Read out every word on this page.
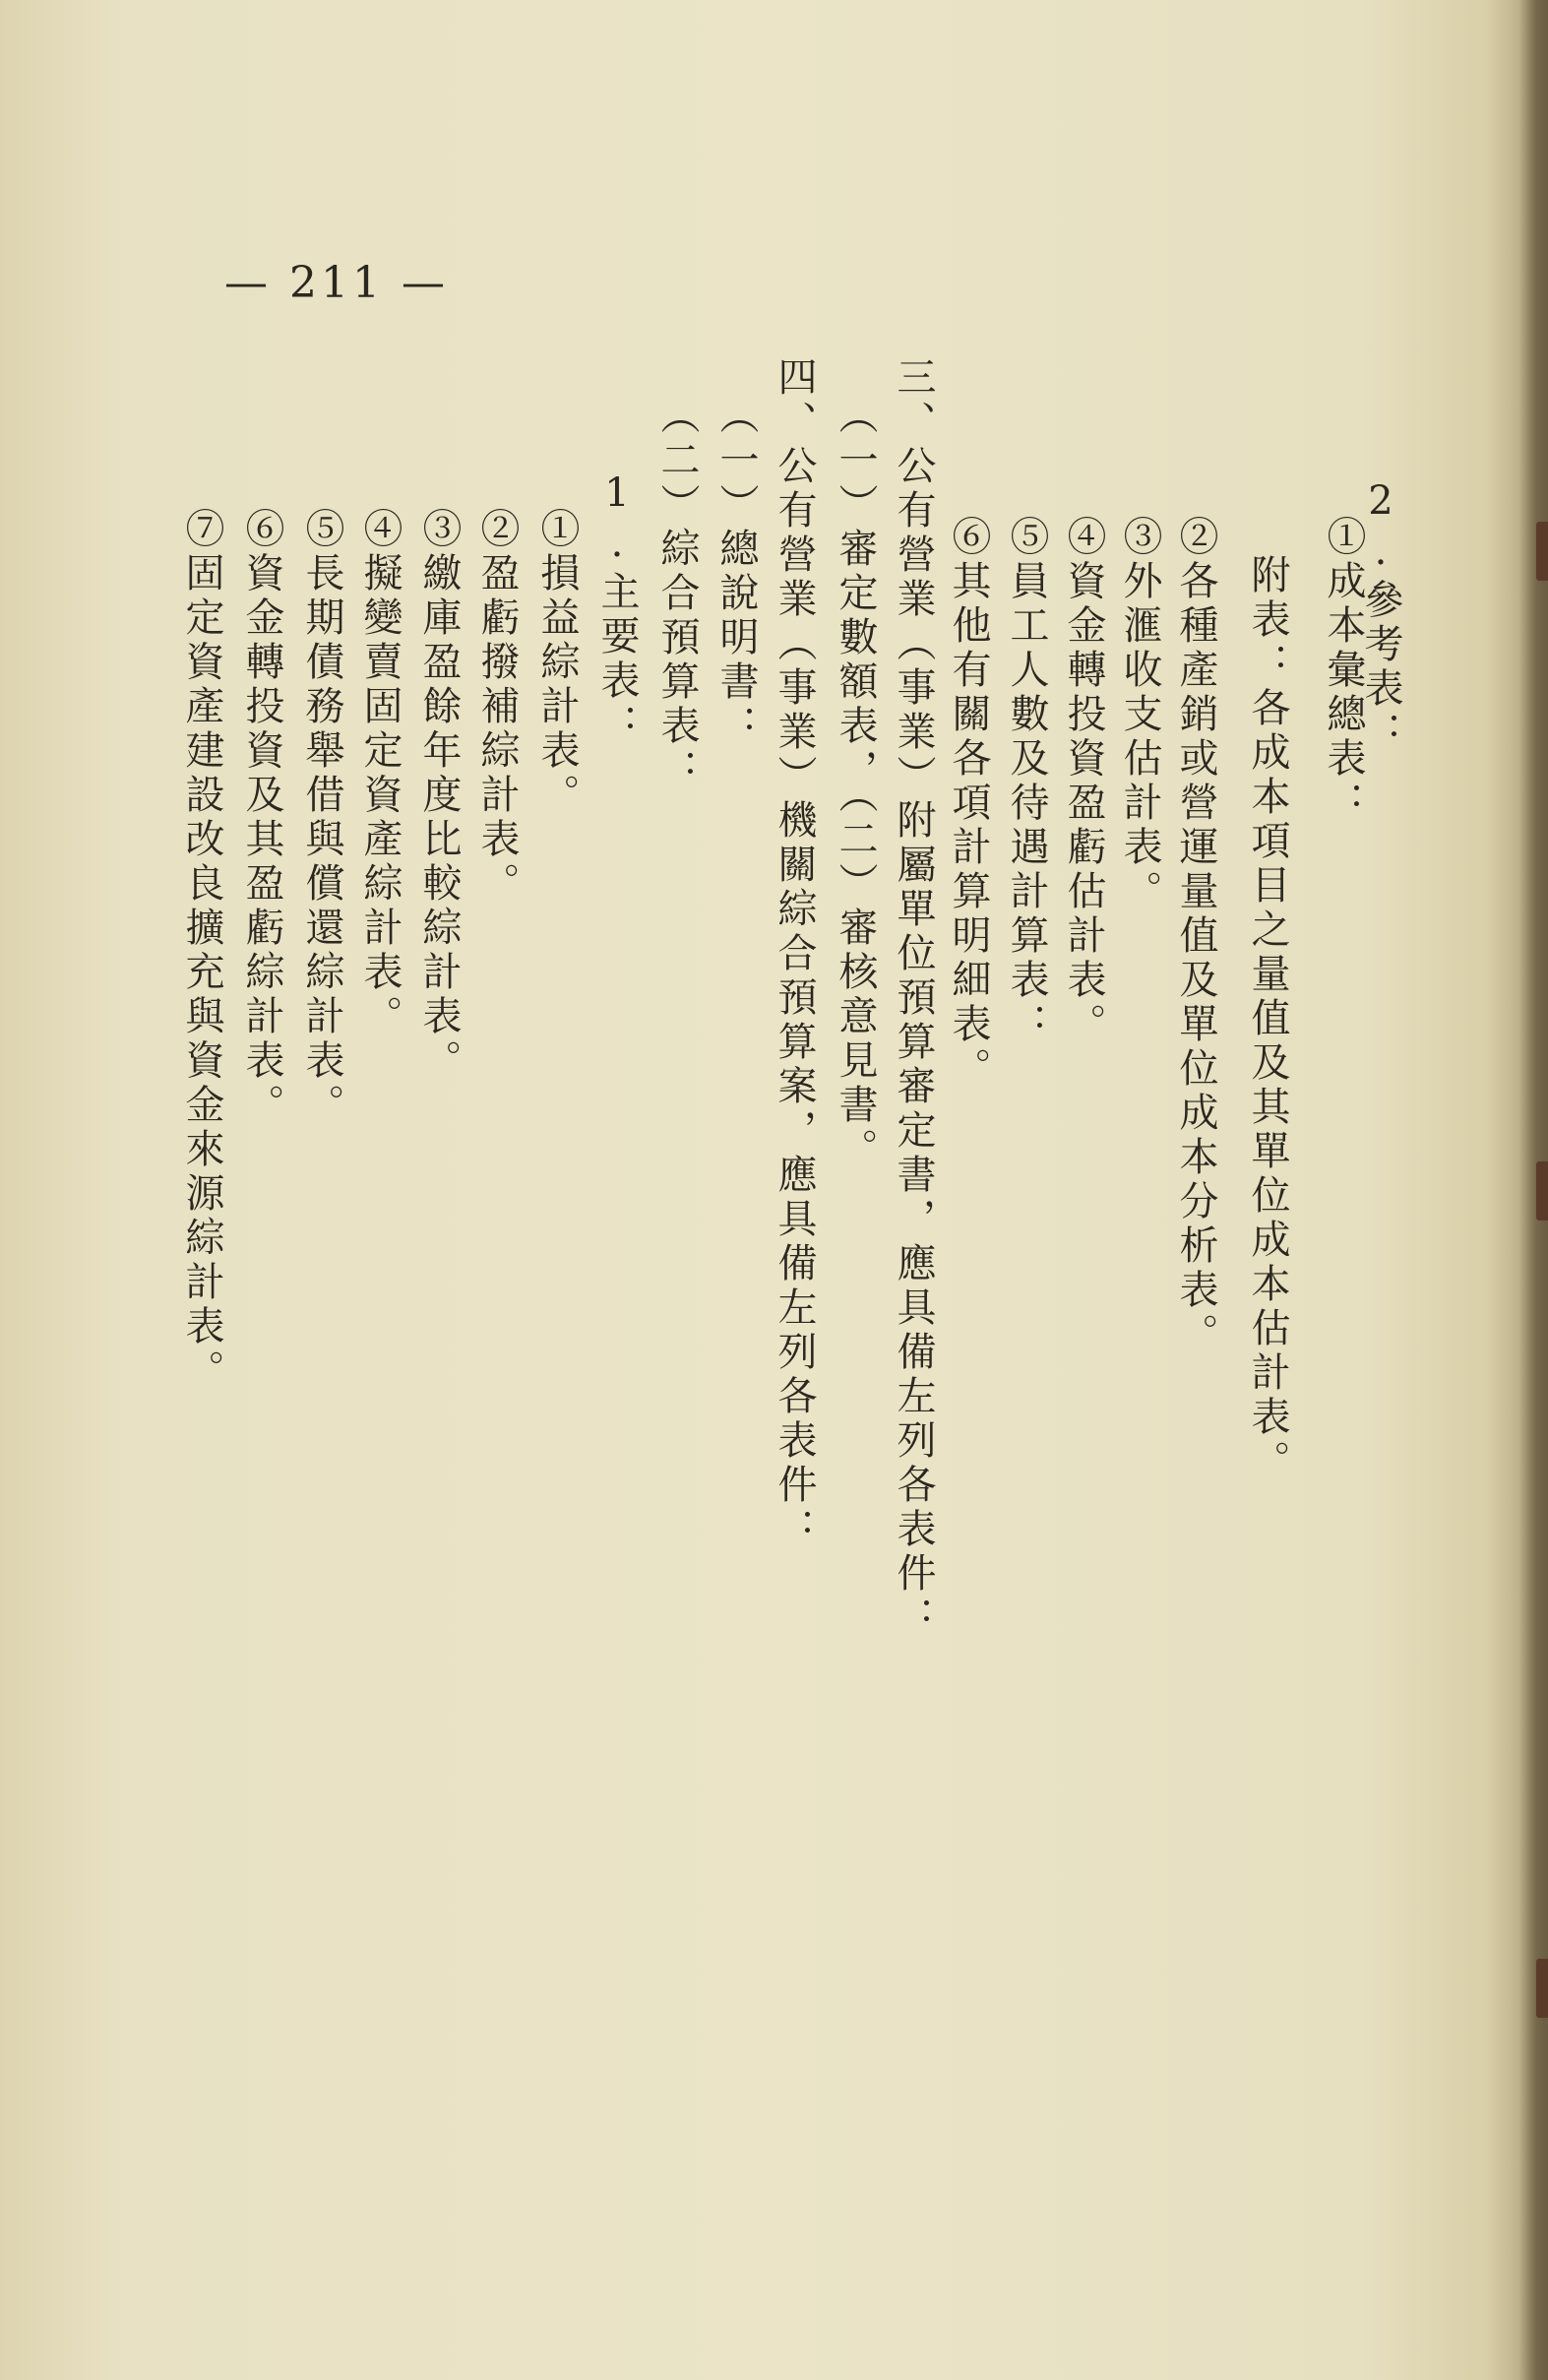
— 211 —
2.參考表：
①成本彙總表：
附表：各成本項目之量值及其單位成本估計表。
②各種產銷或營運量值及單位成本分析表。
③外滙收支估計表。
④資金轉投資盈虧估計表。
⑤員工人數及待遇計算表：
⑥其他有關各項計算明細表。
三、公有營業（事業）附屬單位預算審定書，應具備左列各表件：
（一）審定數額表，（二）審核意見書。
四、公有營業（事業）機關綜合預算案，應具備左列各表件：
（一）總說明書：
（二）綜合預算表：
1.主要表：
①損益綜計表。
②盈虧撥補綜計表。
③繳庫盈餘年度比較綜計表。
④擬變賣固定資產綜計表。
⑤長期債務舉借與償還綜計表。
⑥資金轉投資及其盈虧綜計表。
⑦固定資產建設改良擴充與資金來源綜計表。
